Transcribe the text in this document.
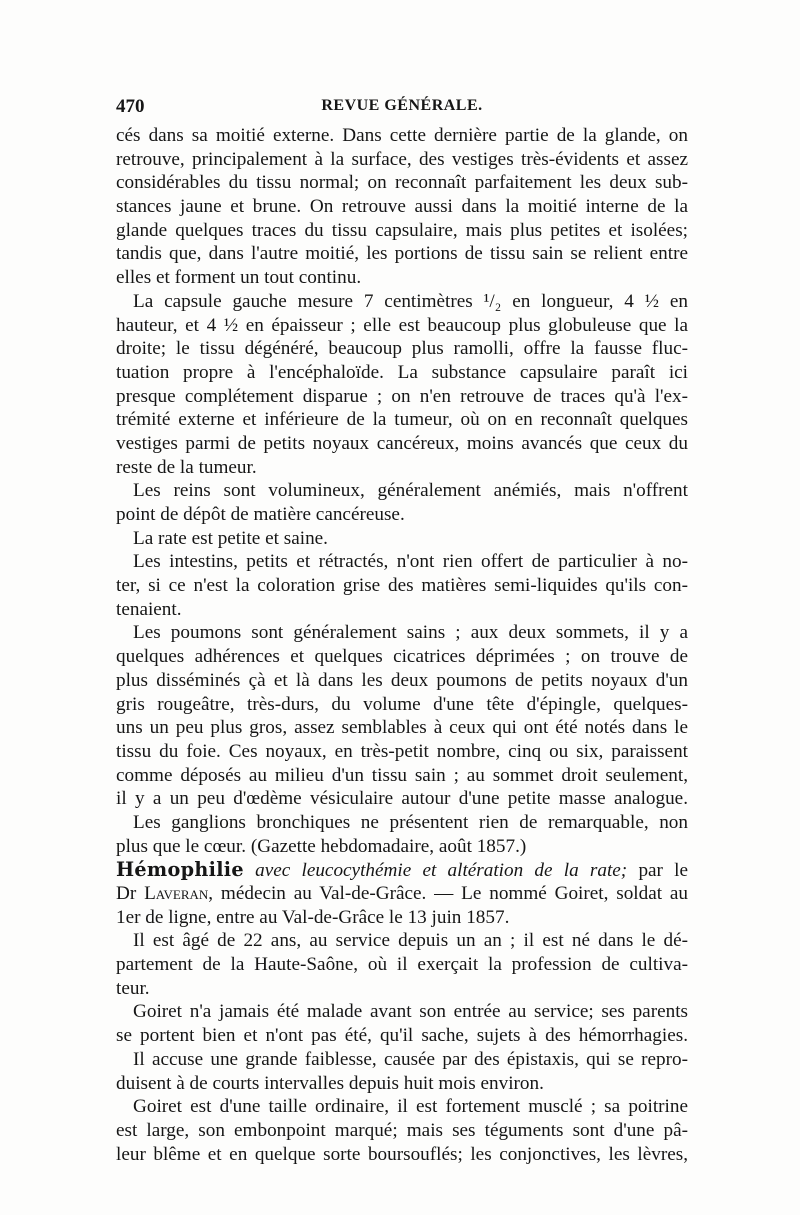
470	REVUE GÉNÉRALE.
cés dans sa moitié externe. Dans cette dernière partie de la glande, on
retrouve, principalement à la surface, des vestiges très-évidents et assez
considérables du tissu normal; on reconnaît parfaitement les deux sub-
stances jaune et brune. On retrouve aussi dans la moitié interne de la
glande quelques traces du tissu capsulaire, mais plus petites et isolées;
tandis que, dans l'autre moitié, les portions de tissu sain se relient entre
elles et forment un tout continu.
La capsule gauche mesure 7 centimètres ¹/₂ en longueur, 4 ½ en
hauteur, et 4 ½ en épaisseur ; elle est beaucoup plus globuleuse que la
droite; le tissu dégénéré, beaucoup plus ramolli, offre la fausse fluc-
tuation propre à l'encéphaloïde. La substance capsulaire paraît ici
presque complétement disparue ; on n'en retrouve de traces qu'à l'ex-
trémité externe et inférieure de la tumeur, où on en reconnaît quelques
vestiges parmi de petits noyaux cancéreux, moins avancés que ceux du
reste de la tumeur.
Les reins sont volumineux, généralement anémiés, mais n'offrent
point de dépôt de matière cancéreuse.
La rate est petite et saine.
Les intestins, petits et rétractés, n'ont rien offert de particulier à no-
ter, si ce n'est la coloration grise des matières semi-liquides qu'ils con-
tenaient.
Les poumons sont généralement sains ; aux deux sommets, il y a
quelques adhérences et quelques cicatrices déprimées ; on trouve de
plus disséminés çà et là dans les deux poumons de petits noyaux d'un
gris rougeâtre, très-durs, du volume d'une tête d'épingle, quelques-
uns un peu plus gros, assez semblables à ceux qui ont été notés dans le
tissu du foie. Ces noyaux, en très-petit nombre, cinq ou six, paraissent
comme déposés au milieu d'un tissu sain ; au sommet droit seulement,
il y a un peu d'œdème vésiculaire autour d'une petite masse analogue.
Les ganglions bronchiques ne présentent rien de remarquable, non
plus que le cœur. (Gazette hebdomadaire, août 1857.)
Hémophilie avec leucocythémie et altération de la rate; par le
Dr Laveran, médecin au Val-de-Grâce. — Le nommé Goiret, soldat au
1er de ligne, entre au Val-de-Grâce le 13 juin 1857.
Il est âgé de 22 ans, au service depuis un an ; il est né dans le dé-
partement de la Haute-Saône, où il exerçait la profession de cultiva-
teur.
Goiret n'a jamais été malade avant son entrée au service; ses parents
se portent bien et n'ont pas été, qu'il sache, sujets à des hémorrhagies.
Il accuse une grande faiblesse, causée par des épistaxis, qui se repro-
duisent à de courts intervalles depuis huit mois environ.
Goiret est d'une taille ordinaire, il est fortement musclé ; sa poitrine
est large, son embonpoint marqué; mais ses téguments sont d'une pâ-
leur blême et en quelque sorte boursouflés; les conjonctives, les lèvres,
